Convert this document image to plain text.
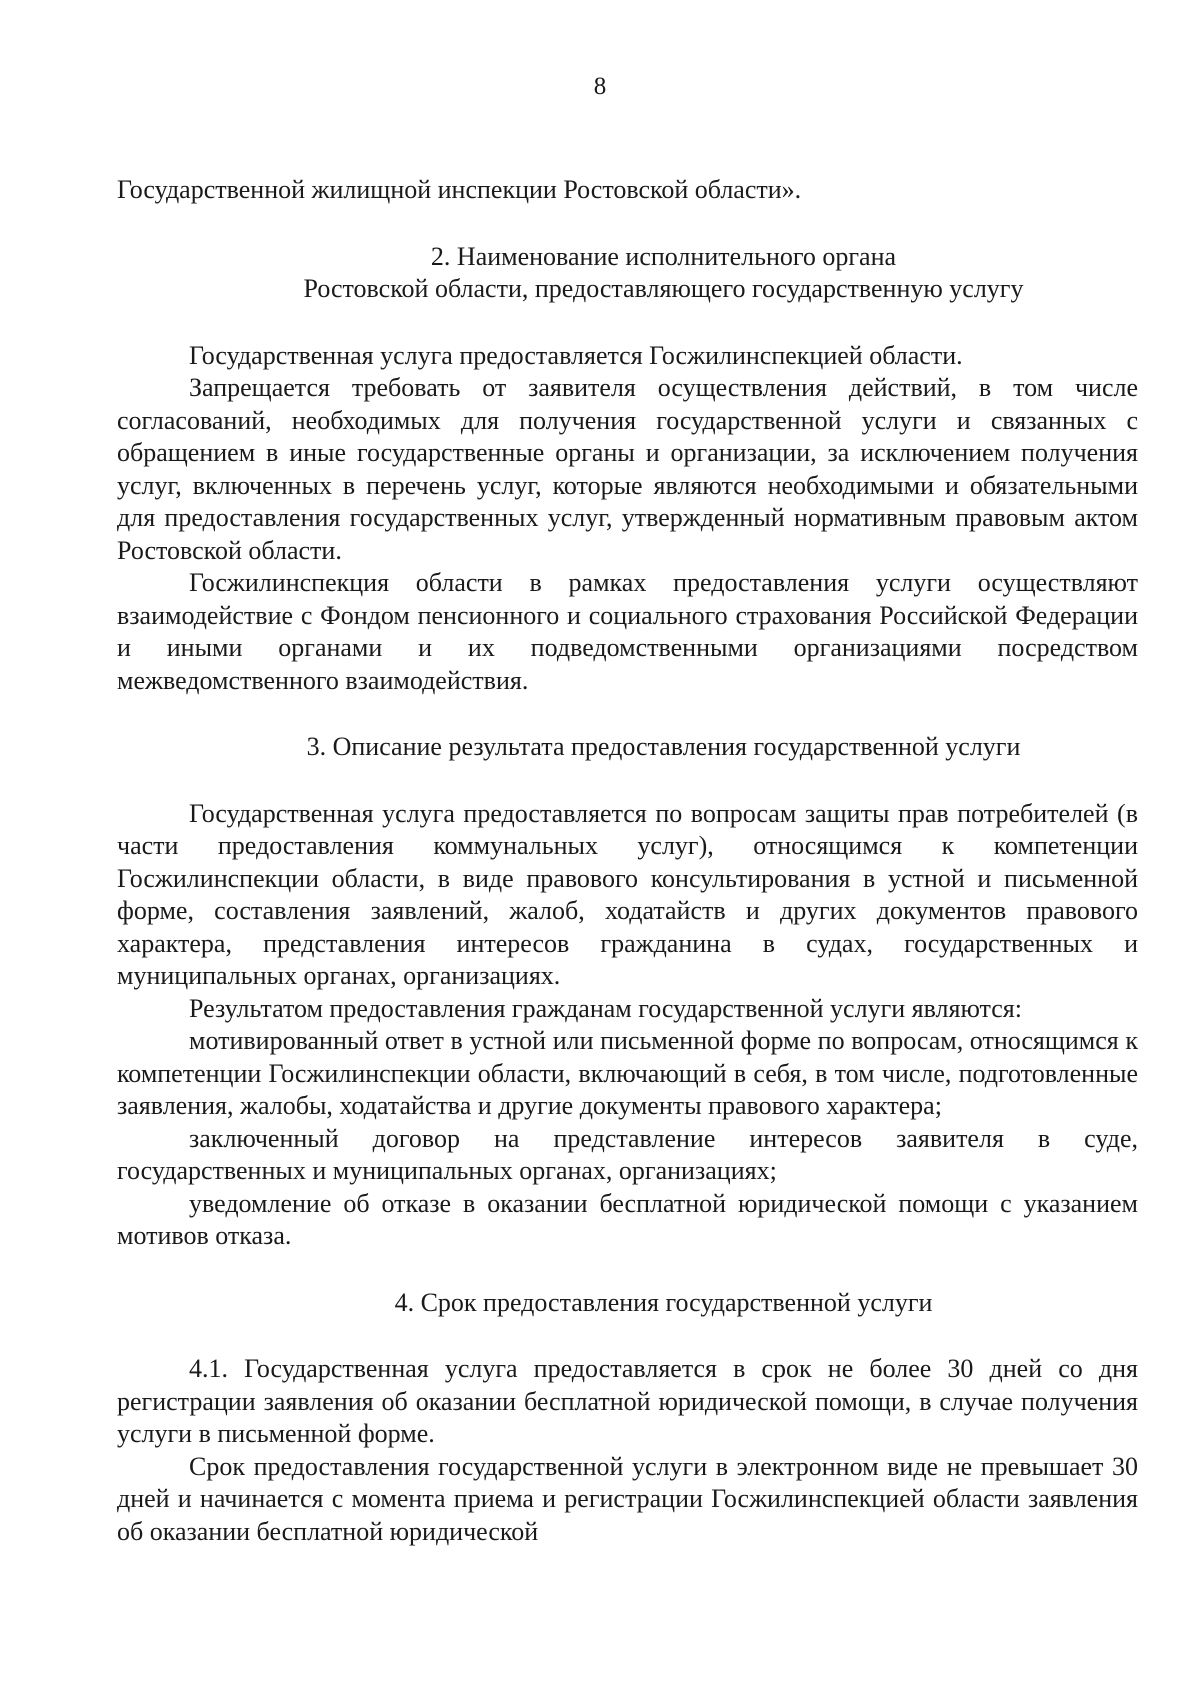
8

Государственной жилищной инспекции Ростовской области».

2. Наименование исполнительного органа

Ростовской области, предоставляющего государственную услугу

Государственная услуга предоставляется Госжилинспекцией области.

Запрещается требовать от заявителя осуществления действий, в том числе согласований, необходимых для получения государственной услуги и связанных с обращением в иные государственные органы и организации, за исключением получения услуг, включенных в перечень услуг, которые являются необходимыми и обязательными для предоставления государственных услуг, утвержденный нормативным правовым актом Ростовской области.

Госжилинспекция области в рамках предоставления услуги осуществляют взаимодействие с Фондом пенсионного и социального страхования Российской Федерации и иными органами и их подведомственными организациями посредством межведомственного взаимодействия.

3. Описание результата предоставления государственной услуги

Государственная услуга предоставляется по вопросам защиты прав потребителей (в части предоставления коммунальных услуг), относящимся к компетенции Госжилинспекции области, в виде правового консультирования в устной и письменной форме, составления заявлений, жалоб, ходатайств и других документов правового характера, представления интересов гражданина в судах, государственных и муниципальных органах, организациях.

Результатом предоставления гражданам государственной услуги являются:

мотивированный ответ в устной или письменной форме по вопросам, относящимся к компетенции Госжилинспекции области, включающий в себя, в том числе, подготовленные заявления, жалобы, ходатайства и другие документы правового характера;

заключенный договор на представление интересов заявителя в суде, государственных и муниципальных органах, организациях;

уведомление об отказе в оказании бесплатной юридической помощи с указанием мотивов отказа.

4. Срок предоставления государственной услуги

4.1. Государственная услуга предоставляется в срок не более 30 дней со дня регистрации заявления об оказании бесплатной юридической помощи, в случае получения услуги в письменной форме.

Срок предоставления государственной услуги в электронном виде не превышает 30 дней и начинается с момента приема и регистрации Госжилинспекцией области заявления об оказании бесплатной юридической
